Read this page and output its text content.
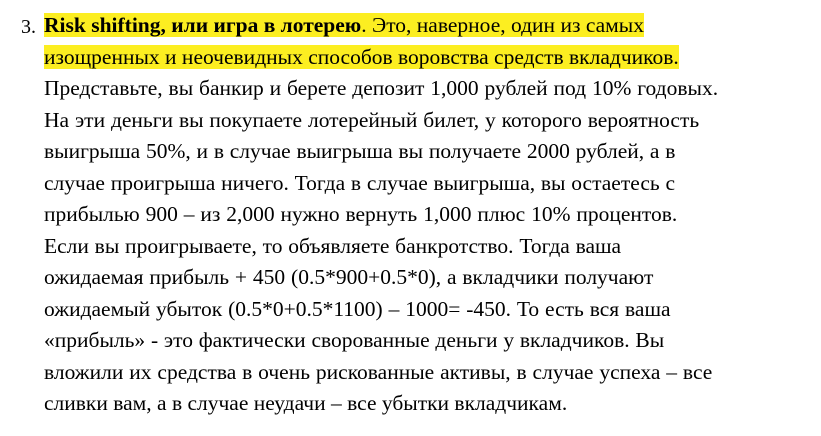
3. Risk shifting, или игра в лотерею. Это, наверное, один из самых
изощренных и неочевидных способов воровства средств вкладчиков.
Представьте, вы банкир и берете депозит 1,000 рублей под 10% годовых.
На эти деньги вы покупаете лотерейный билет, у которого вероятность
выигрыша 50%, и в случае выигрыша вы получаете 2000 рублей, а в
случае проигрыша ничего. Тогда в случае выигрыша, вы остаетесь с
прибылью 900 – из 2,000 нужно вернуть 1,000 плюс 10% процентов.
Если вы проигрываете, то объявляете банкротство. Тогда ваша
ожидаемая прибыль + 450 (0.5*900+0.5*0), а вкладчики получают
ожидаемый убыток (0.5*0+0.5*1100) – 1000= -450. То есть вся ваша
«прибыль» - это фактически сворованные деньги у вкладчиков. Вы
вложили их средства в очень рискованные активы, в случае успеха – все
сливки вам, а в случае неудачи – все убытки вкладчикам.
